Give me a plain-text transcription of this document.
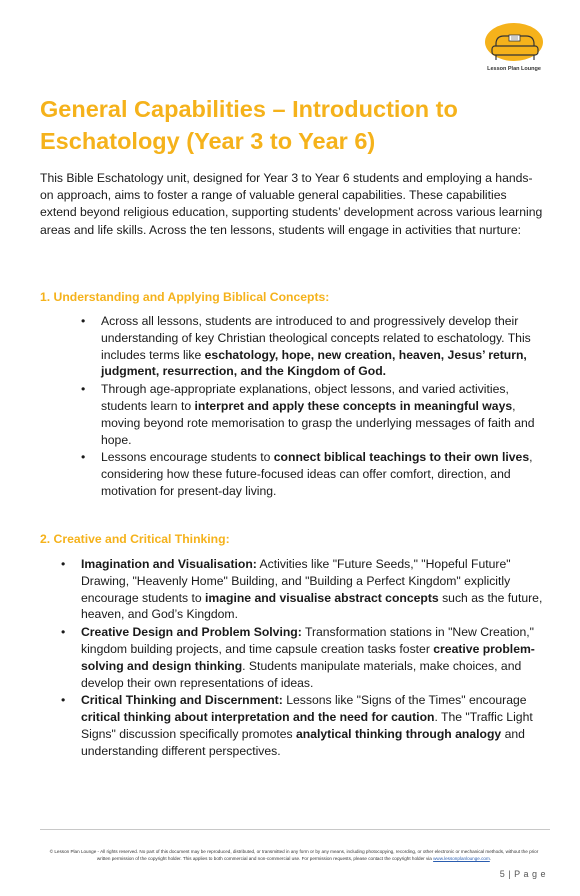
Lesson Plan Lounge
General Capabilities – Introduction to Eschatology (Year 3 to Year 6)

This Bible Eschatology unit, designed for Year 3 to Year 6 students and employing a hands-on approach, aims to foster a range of valuable general capabilities. These capabilities extend beyond religious education, supporting students’ development across various learning areas and life skills. Across the ten lessons, students will engage in activities that nurture:

1. Understanding and Applying Biblical Concepts:
• Across all lessons, students are introduced to and progressively develop their understanding of key Christian theological concepts related to eschatology. This includes terms like eschatology, hope, new creation, heaven, Jesus’ return, judgment, resurrection, and the Kingdom of God.
• Through age-appropriate explanations, object lessons, and varied activities, students learn to interpret and apply these concepts in meaningful ways, moving beyond rote memorisation to grasp the underlying messages of faith and hope.
• Lessons encourage students to connect biblical teachings to their own lives, considering how these future-focused ideas can offer comfort, direction, and motivation for present-day living.
2. Creative and Critical Thinking:
• Imagination and Visualisation: Activities like "Future Seeds," "Hopeful Future" Drawing, "Heavenly Home" Building, and "Building a Perfect Kingdom" explicitly encourage students to imagine and visualise abstract concepts such as the future, heaven, and God’s Kingdom.
• Creative Design and Problem Solving: Transformation stations in "New Creation," kingdom building projects, and time capsule creation tasks foster creative problem-solving and design thinking. Students manipulate materials, make choices, and develop their own representations of ideas.
• Critical Thinking and Discernment: Lessons like "Signs of the Times" encourage critical thinking about interpretation and the need for caution. The "Traffic Light Signs" discussion specifically promotes analytical thinking through analogy and understanding different perspectives.
© Lesson Plan Lounge - All rights reserved. No part of this document may be reproduced, distributed, or transmitted in any form or by any means, including photocopying, recording, or other electronic or mechanical methods, without the prior written permission of the copyright holder. This applies to both commercial and non-commercial use. For permission requests, please contact the copyright holder via www.lessonplanlounge.com.
5 | P a g e
